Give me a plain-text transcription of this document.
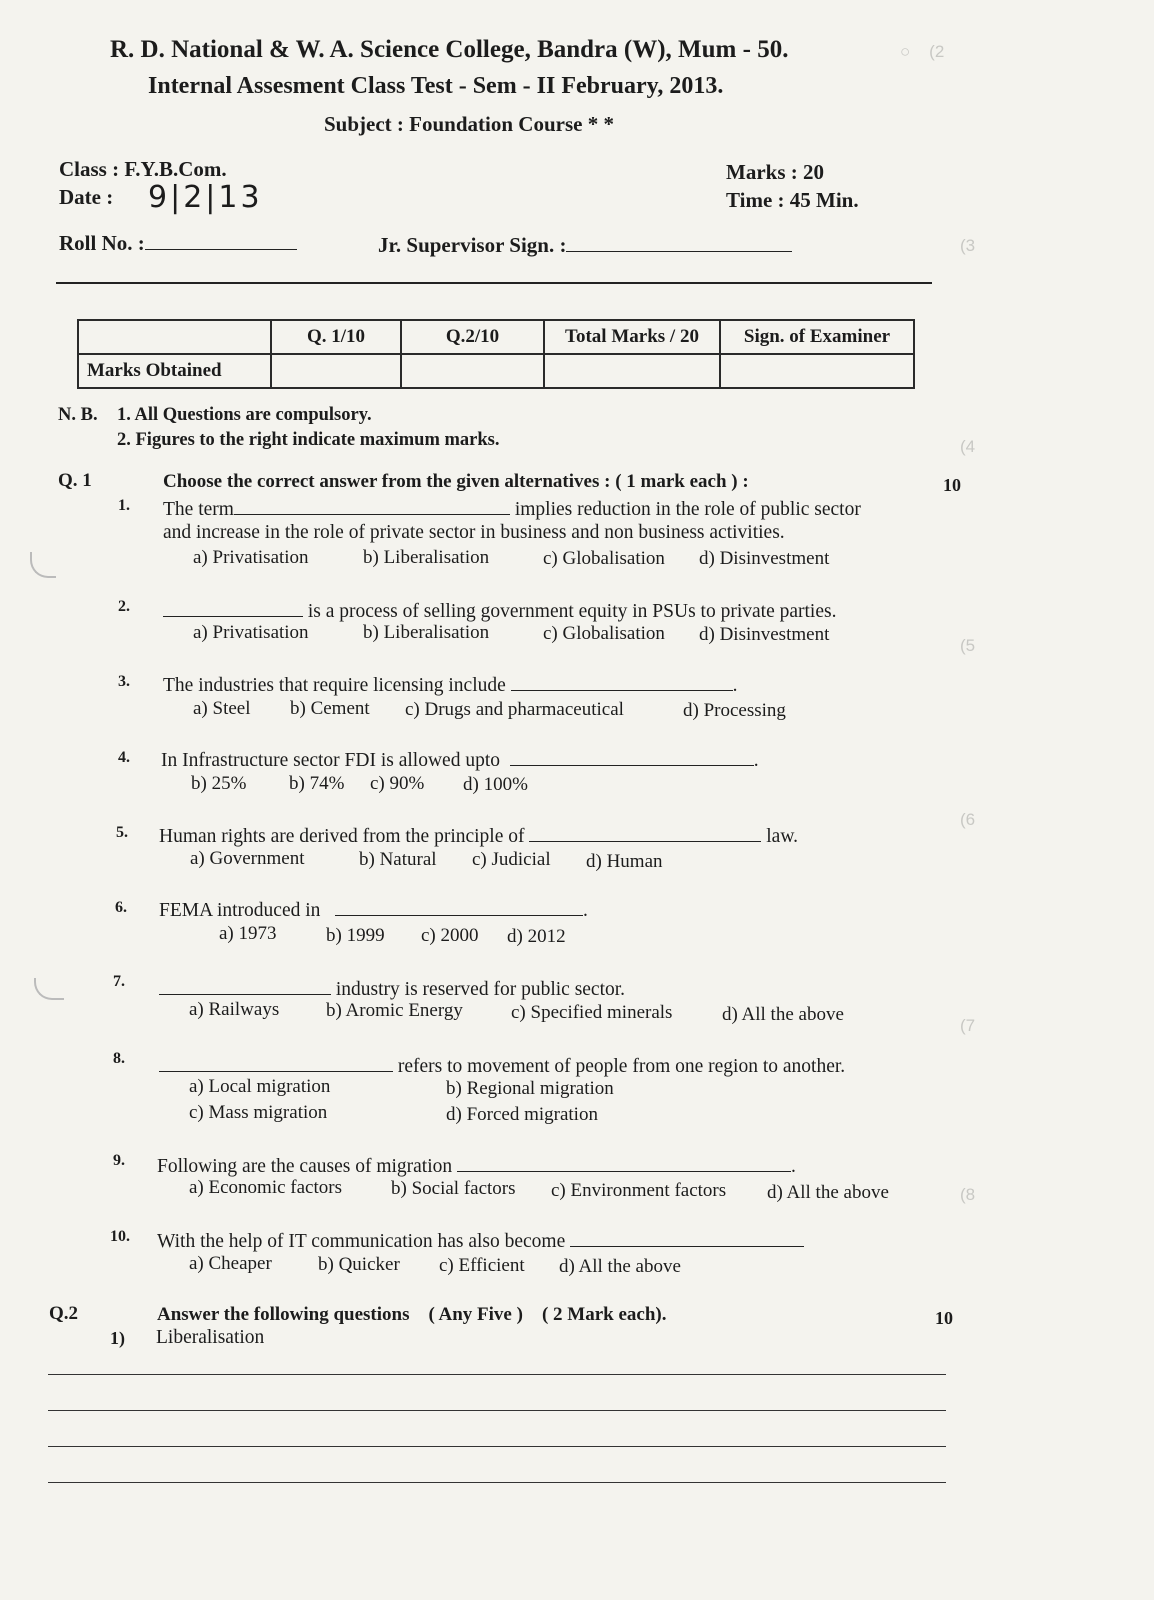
○    (2
(3
(4
(5
(6
(7
(8
R. D. National & W. A. Science College, Bandra (W), Mum - 50.
Internal Assesment Class Test - Sem - II February, 2013.
Subject : Foundation Course * *
Class : F.Y.B.Com.
Date : 9|2|13
Marks : 20
Time : 45 Min.
Roll No. :	Jr. Supervisor Sign. :
	Q. 1/10	Q.2/10	Total Marks / 20	Sign. of Examiner
Marks Obtained				
N. B. 1. All Questions are compulsory.
2. Figures to the right indicate maximum marks.
Q. 1	Choose the correct answer from the given alternatives : ( 1 mark each ) :	10
1. The term	implies reduction in the role of public sector
and increase in the role of private sector in business and non business activities.
a) Privatisation	b) Liberalisation	c) Globalisation d) Disinvestment
2.	is a process of selling government equity in PSUs to private parties.
a) Privatisation	b) Liberalisation	c) Globalisation d) Disinvestment
3. The industries that require licensing include	.
a) Steel b) Cement c) Drugs and pharmaceutical	d) Processing
4. In Infrastructure sector FDI is allowed upto	.
b) 25% b) 74% c) 90% d) 100%
5. Human rights are derived from the principle of	law.
a) Government	b) Natural c) Judicial d) Human
6. FEMA introduced in	.
a) 1973	b) 1999 c) 2000 d) 2012
7.	industry is reserved for public sector.
a) Railways b) Aromic Energy	c) Specified minerals	d) All the above
8.	refers to movement of people from one region to another.
a) Local migration	b) Regional migration
c) Mass migration	d) Forced migration
9. Following are the causes of migration	.
a) Economic factors	b) Social factors c) Environment factors d) All the above
10. With the help of IT communication has also become
a) Cheaper b) Quicker c) Efficient d) All the above
Q.2	Answer the following questions    ( Any Five )    ( 2 Mark each).	10
1) Liberalisation
